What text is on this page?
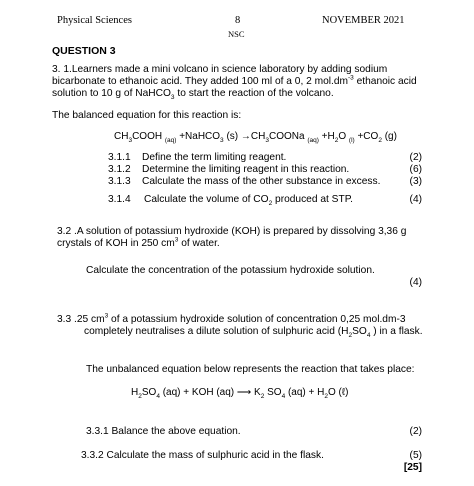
Physical Sciences	8	NOVEMBER 2021
NSC
QUESTION 3
3. 1.Learners made a mini volcano in science laboratory by adding sodium
bicarbonate to ethanoic acid. They added 100 ml of a 0, 2 $mol.dm^{-3}$ ethanoic acid
solution to 10 g of NaHCO$_3$ to start the reaction of the volcano.
The balanced equation for this reaction is:
$CH_3COOH$ $_{(aq)}$ +NaHCO$_3$ $(s) \to CH_3COONa$ $_{(aq)} +H_2O$ $_{(l)} +CO_2$ (g)
3.1.1 Define the term limiting reagent.	(2)
3.1.2 Determine the limiting reagent in this reaction.	(6)
3.1.3 Calculate the mass of the other substance in excess.	(3)
3.1.4 Calculate the volume of $CO_2$ produced at STP.	(4)
3.2 .A solution of potassium hydroxide (KOH) is prepared by dissolving 3,36 g
crystals of KOH in 250 $cm^3$ of water.
Calculate the concentration of the potassium hydroxide solution.
(4)
3.3 .25 $cm^3$ of a potassium hydroxide solution of concentration 0,25 mol.dm-3
completely neutralises a dilute solution of sulphuric acid ($H_2SO_4$ ) in a flask.
The unbalanced equation below represents the reaction that takes place:
$H_2SO_4$ (aq) + KOH (aq) ⟶ $K_2$ $SO_4$ $(aq) + H_2O$ (ℓ)
3.3.1 Balance the above equation.	(2)
3.3.2 Calculate the mass of sulphuric acid in the flask.	(5)
[25]
